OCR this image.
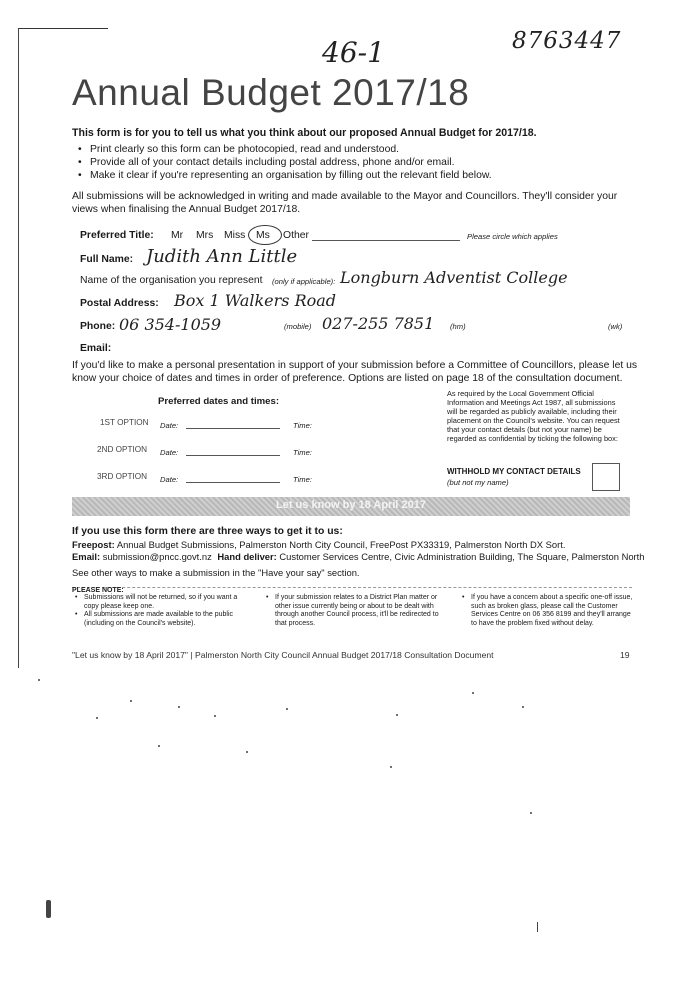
46-1	8763447
Annual Budget 2017/18
This form is for you to tell us what you think about our proposed Annual Budget for 2017/18.
• Print clearly so this form can be photocopied, read and understood.
• Provide all of your contact details including postal address, phone and/or email.
• Make it clear if you're representing an organisation by filling out the relevant field below.
All submissions will be acknowledged in writing and made available to the Mayor and Councillors. They'll consider your views when finalising the Annual Budget 2017/18.
Preferred Title: Mr Mrs Miss Ms Other	Please circle which applies
Full Name: Judith Ann Little
Name of the organisation you represent (only if applicable): Longburn Adventist College
Postal Address: Box 1 Walkers Road
Phone: 06 354-1059	(mobile) 027-255 7851 (hm)	(wk)
Email:
If you'd like to make a personal presentation in support of your submission before a Committee of Councillors, please let us know your choice of dates and times in order of preference. Options are listed on page 18 of the consultation document.
Preferred dates and times:
1ST OPTION Date:	Time:
2ND OPTION Date:	Time:
3RD OPTION Date:	Time:
As required by the Local Government Official
Information and Meetings Act 1987, all submissions
will be regarded as publicly available, including their
placement on the Council's website. You can request
that your contact details (but not your name) be
regarded as confidential by ticking the following box:
WITHHOLD MY CONTACT DETAILS
(but not my name)
Let us know by 18 April 2017
If you use this form there are three ways to get it to us:
Freepost: Annual Budget Submissions, Palmerston North City Council, FreePost PX33319, Palmerston North DX Sort.
Email: submission@pncc.govt.nz Hand deliver: Customer Services Centre, Civic Administration Building, The Square, Palmerston North
See other ways to make a submission in the "Have your say" section.
PLEASE NOTE:
• Submissions will not be returned, so if you want a copy please keep one.
• All submissions are made available to the public (including on the Council's website).
• If your submission relates to a District Plan matter or other issue currently being or about to be dealt with through another Council process, it'll be redirected to that process.
• If you have a concern about a specific one-off issue, such as broken glass, please call the Customer Services Centre on 06 356 8199 and they'll arrange to have the problem fixed without delay.
"Let us know by 18 April 2017" | Palmerston North City Council Annual Budget 2017/18 Consultation Document	19
